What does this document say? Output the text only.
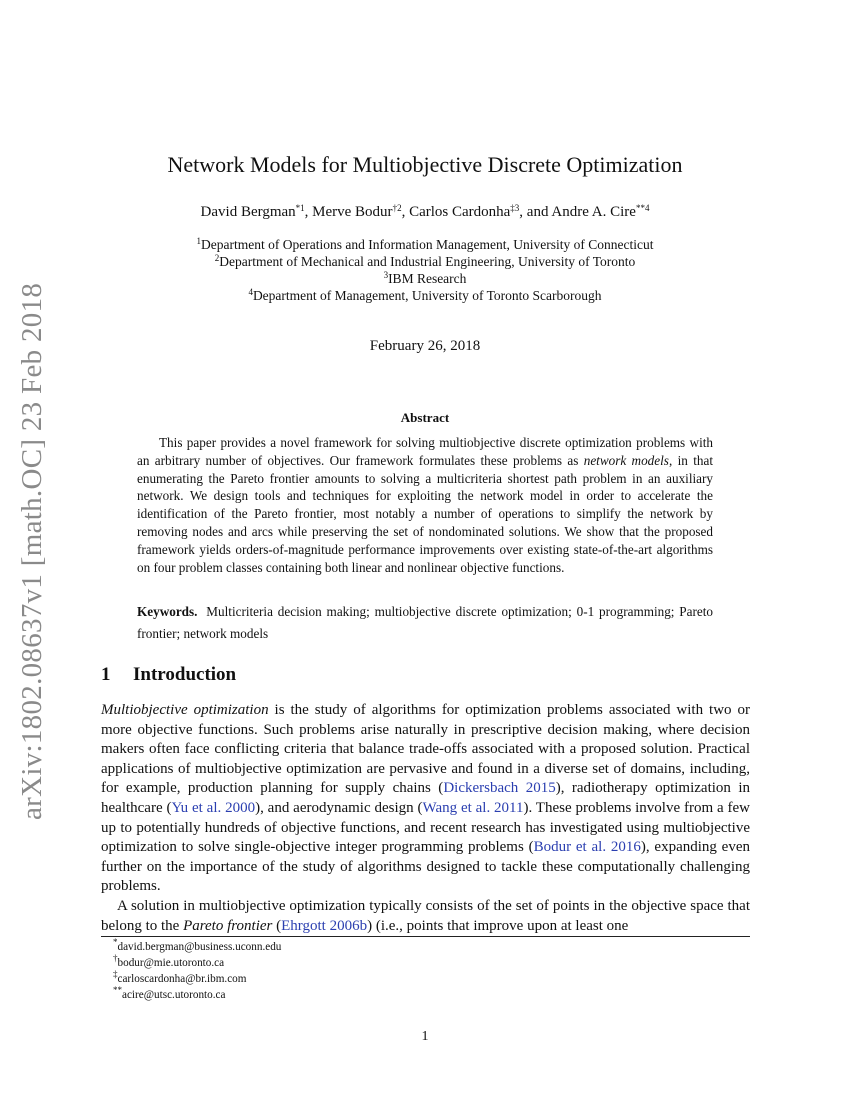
arXiv:1802.08637v1 [math.OC] 23 Feb 2018
Network Models for Multiobjective Discrete Optimization
David Bergman$^{*1}$, Merve Bodur$^{\dagger 2}$, Carlos Cardonha$^{\ddagger 3}$, and Andre A. Cire$^{**4}$
$^1$Department of Operations and Information Management, University of Connecticut
$^2$Department of Mechanical and Industrial Engineering, University of Toronto
$^3$IBM Research
$^4$Department of Management, University of Toronto Scarborough
February 26, 2018
Abstract
This paper provides a novel framework for solving multiobjective discrete optimization problems with an arbitrary number of objectives. Our framework formulates these problems as network models, in that enumerating the Pareto frontier amounts to solving a multicriteria shortest path problem in an auxiliary network. We design tools and techniques for exploiting the network model in order to accelerate the identification of the Pareto frontier, most notably a number of operations to simplify the network by removing nodes and arcs while preserving the set of nondominated solutions. We show that the proposed framework yields orders-of-magnitude performance improvements over existing state-of-the-art algorithms on four problem classes containing both linear and nonlinear objective functions.
Keywords. Multicriteria decision making; multiobjective discrete optimization; 0-1 programming; Pareto frontier; network models
1 Introduction
Multiobjective optimization is the study of algorithms for optimization problems associated with two or more objective functions. Such problems arise naturally in prescriptive decision making, where decision makers often face conflicting criteria that balance trade-offs associated with a proposed solution. Practical applications of multiobjective optimization are pervasive and found in a diverse set of domains, including, for example, production planning for supply chains (Dickersbach 2015), radiotherapy optimization in healthcare (Yu et al. 2000), and aerodynamic design (Wang et al. 2011). These problems involve from a few up to potentially hundreds of objective functions, and recent research has investigated using multiobjective optimization to solve single-objective integer programming problems (Bodur et al. 2016), expanding even further on the importance of the study of algorithms designed to tackle these computationally challenging problems.
A solution in multiobjective optimization typically consists of the set of points in the objective space that belong to the Pareto frontier (Ehrgott 2006b) (i.e., points that improve upon at least one
*david.bergman@business.uconn.edu
†bodur@mie.utoronto.ca
‡carloscardonha@br.ibm.com
**acire@utsc.utoronto.ca
1
